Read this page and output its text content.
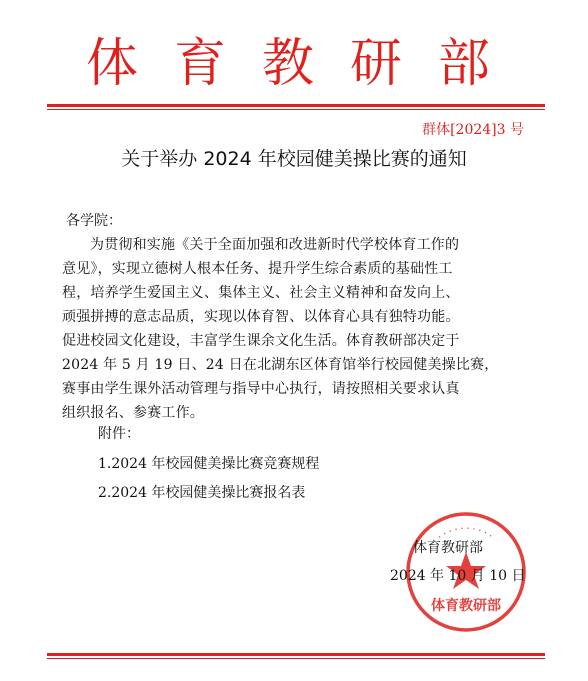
体育教研部
群体[2024]3 号
关于举办 2024 年校园健美操比赛的通知
各学院：
为贯彻和实施《关于全面加强和改进新时代学校体育工作的
意见》，实现立德树人根本任务、提升学生综合素质的基础性工
程，培养学生爱国主义、集体主义、社会主义精神和奋发向上、
顽强拼搏的意志品质，实现以体育智、以体育心具有独特功能。
促进校园文化建设，丰富学生课余文化生活。体育教研部决定于
2024 年 5 月 19 日、24 日在北湖东区体育馆举行校园健美操比赛，
赛事由学生课外活动管理与指导中心执行，请按照相关要求认真
组织报名、参赛工作。
附件：
1.2024 年校园健美操比赛竞赛规程
2.2024 年校园健美操比赛报名表
··········
体育教研部
体育教研部
2024 年 10 月 10 日
